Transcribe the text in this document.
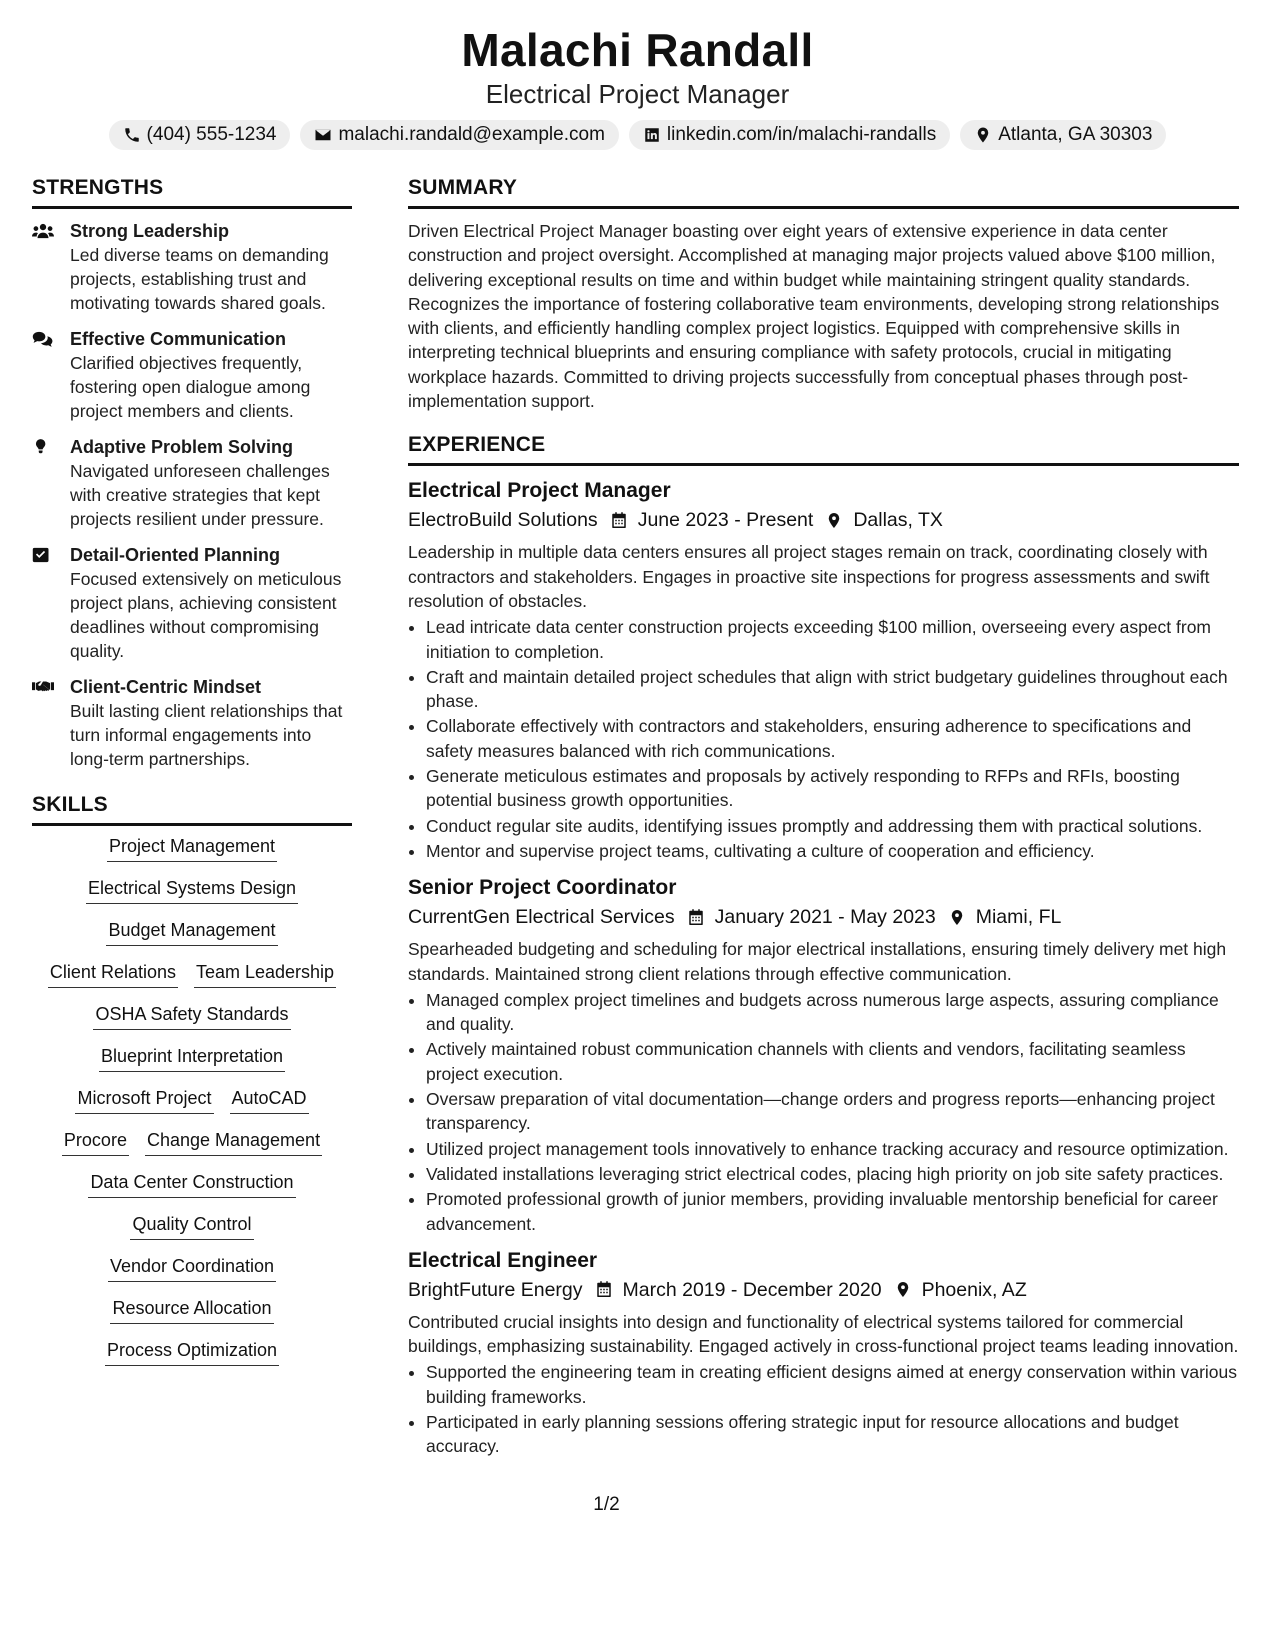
Malachi Randall
Electrical Project Manager
(404) 555-1234	malachi.randald@example.com	linkedin.com/in/malachi-randalls	Atlanta, GA 30303
STRENGTHS
Strong Leadership
Led diverse teams on demanding projects, establishing trust and motivating towards shared goals.
Effective Communication
Clarified objectives frequently, fostering open dialogue among project members and clients.
Adaptive Problem Solving
Navigated unforeseen challenges with creative strategies that kept projects resilient under pressure.
Detail-Oriented Planning
Focused extensively on meticulous project plans, achieving consistent deadlines without compromising quality.
Client-Centric Mindset
Built lasting client relationships that turn informal engagements into long-term partnerships.
SKILLS
Project Management
Electrical Systems Design
Budget Management
Client Relations Team Leadership
OSHA Safety Standards
Blueprint Interpretation
Microsoft Project AutoCAD
Procore Change Management
Data Center Construction
Quality Control
Vendor Coordination
Resource Allocation
Process Optimization
SUMMARY
Driven Electrical Project Manager boasting over eight years of extensive experience in data center construction and project oversight. Accomplished at managing major projects valued above $100 million, delivering exceptional results on time and within budget while maintaining stringent quality standards. Recognizes the importance of fostering collaborative team environments, developing strong relationships with clients, and efficiently handling complex project logistics. Equipped with comprehensive skills in interpreting technical blueprints and ensuring compliance with safety protocols, crucial in mitigating workplace hazards. Committed to driving projects successfully from conceptual phases through post-implementation support.
EXPERIENCE
Electrical Project Manager
ElectroBuild Solutions June 2023 - Present Dallas, TX
Leadership in multiple data centers ensures all project stages remain on track, coordinating closely with contractors and stakeholders. Engages in proactive site inspections for progress assessments and swift resolution of obstacles.
• Lead intricate data center construction projects exceeding $100 million, overseeing every aspect from initiation to completion.
• Craft and maintain detailed project schedules that align with strict budgetary guidelines throughout each phase.
• Collaborate effectively with contractors and stakeholders, ensuring adherence to specifications and safety measures balanced with rich communications.
• Generate meticulous estimates and proposals by actively responding to RFPs and RFIs, boosting potential business growth opportunities.
• Conduct regular site audits, identifying issues promptly and addressing them with practical solutions.
• Mentor and supervise project teams, cultivating a culture of cooperation and efficiency.
Senior Project Coordinator
CurrentGen Electrical Services January 2021 - May 2023 Miami, FL
Spearheaded budgeting and scheduling for major electrical installations, ensuring timely delivery met high standards. Maintained strong client relations through effective communication.
• Managed complex project timelines and budgets across numerous large aspects, assuring compliance and quality.
• Actively maintained robust communication channels with clients and vendors, facilitating seamless project execution.
• Oversaw preparation of vital documentation—change orders and progress reports—enhancing project transparency.
• Utilized project management tools innovatively to enhance tracking accuracy and resource optimization.
• Validated installations leveraging strict electrical codes, placing high priority on job site safety practices.
• Promoted professional growth of junior members, providing invaluable mentorship beneficial for career advancement.
Electrical Engineer
BrightFuture Energy March 2019 - December 2020 Phoenix, AZ
Contributed crucial insights into design and functionality of electrical systems tailored for commercial buildings, emphasizing sustainability. Engaged actively in cross-functional project teams leading innovation.
• Supported the engineering team in creating efficient designs aimed at energy conservation within various building frameworks.
• Participated in early planning sessions offering strategic input for resource allocations and budget accuracy.
1/2
